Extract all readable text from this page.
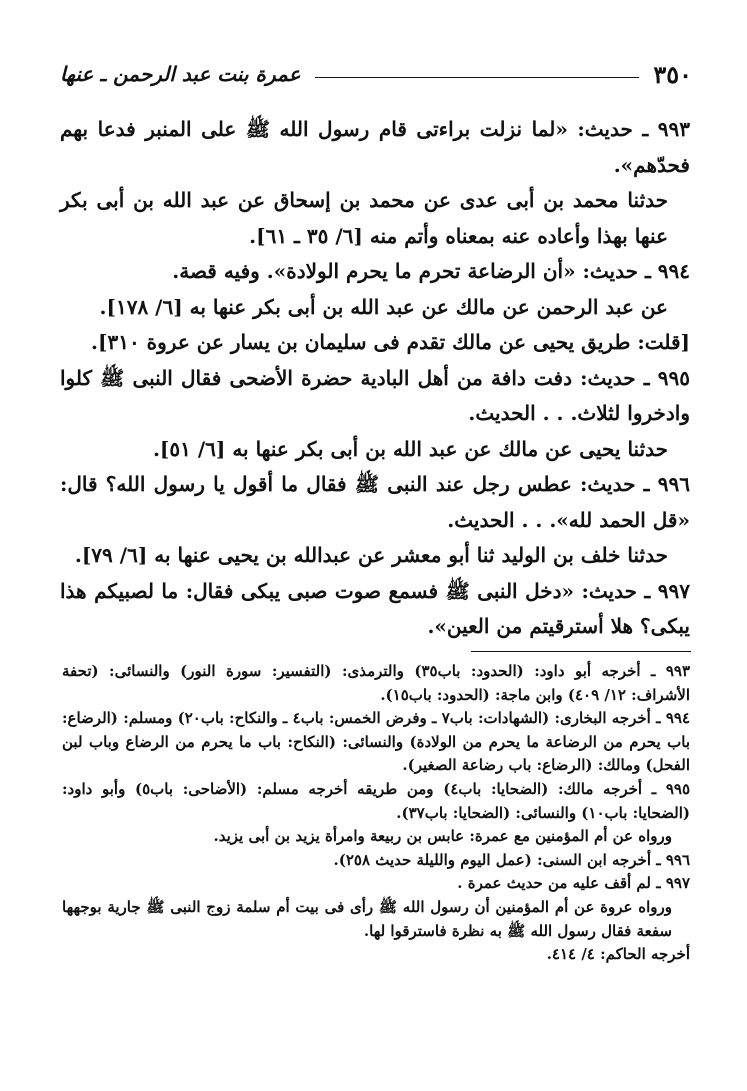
٣٥٠
عمرة بنت عبد الرحمن ـ عنها

٩٩٣ ـ حديث: «لما نزلت براءتى قام رسول الله ﷺ على المنبر فدعا بهم فحدّهم».

حدثنا محمد بن أبى عدى عن محمد بن إسحاق عن عبد الله بن أبى بكر عنها بهذا وأعاده عنه بمعناه وأتم منه [٦/ ٣٥ ـ ٦١].

٩٩٤ ـ حديث: «أن الرضاعة تحرم ما يحرم الولادة». وفيه قصة.

عن عبد الرحمن عن مالك عن عبد الله بن أبى بكر عنها به [٦/ ١٧٨].

[قلت: طريق يحيى عن مالك تقدم فى سليمان بن يسار عن عروة ٣١٠].

٩٩٥ ـ حديث: دفت دافة من أهل البادية حضرة الأضحى فقال النبى ﷺ كلوا وادخروا لثلاث. . . الحديث.

حدثنا يحيى عن مالك عن عبد الله بن أبى بكر عنها به [٦/ ٥١].

٩٩٦ ـ حديث: عطس رجل عند النبى ﷺ فقال ما أقول يا رسول الله؟ قال: «قل الحمد لله». . . الحديث.

حدثنا خلف بن الوليد ثنا أبو معشر عن عبدالله بن يحيى عنها به [٦/ ٧٩].

٩٩٧ ـ حديث: «دخل النبى ﷺ فسمع صوت صبى يبكى فقال: ما لصبيكم هذا يبكى؟ هلا أسترقيتم من العين».

٩٩٣ ـ أخرجه أبو داود: (الحدود: باب٣٥) والترمذى: (التفسير: سورة النور) والنسائى: (تحفة الأشراف: ١٢/ ٤٠٩) وابن ماجة: (الحدود: باب١٥).

٩٩٤ ـ أخرجه البخارى: (الشهادات: باب٧ ـ وفرض الخمس: باب٤ ـ والنكاح: باب٢٠) ومسلم: (الرضاع: باب يحرم من الرضاعة ما يحرم من الولادة) والنسائى: (النكاح: باب ما يحرم من الرضاع وباب لبن الفحل) ومالك: (الرضاع: باب رضاعة الصغير).

٩٩٥ ـ أخرجه مالك: (الضحايا: باب٤) ومن طريقه أخرجه مسلم: (الأضاحى: باب٥) وأبو داود: (الضحايا: باب١٠) والنسائى: (الضحايا: باب٣٧).

ورواه عن أم المؤمنين مع عمرة: عابس بن ربيعة وامرأة يزيد بن أبى يزيد.

٩٩٦ ـ أخرجه ابن السنى: (عمل اليوم والليلة حديث ٢٥٨).

٩٩٧ ـ لم أقف عليه من حديث عمرة .

ورواه عروة عن أم المؤمنين أن رسول الله ﷺ رأى فى بيت أم سلمة زوج النبى ﷺ جارية بوجهها سفعة فقال رسول الله ﷺ به نظرة فاسترقوا لها.

أخرجه الحاكم: ٤/ ٤١٤.
